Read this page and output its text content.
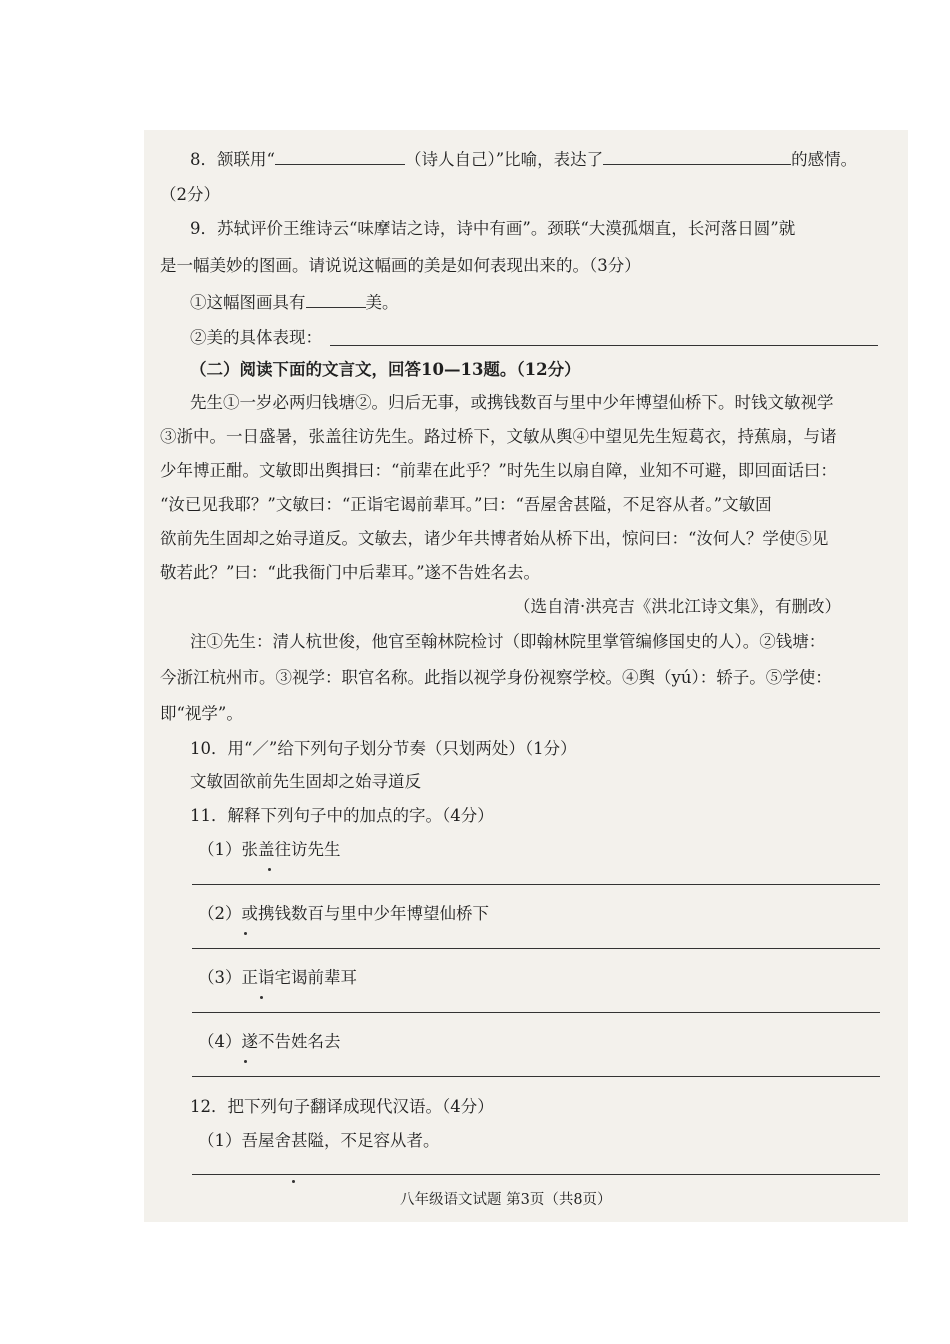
8．颔联用“	（诗人自己）”比喻，表达了	的感情。
（2分）
9．苏轼评价王维诗云“味摩诘之诗，诗中有画”。颈联“大漠孤烟直，长河落日圆”就
是一幅美妙的图画。请说说这幅画的美是如何表现出来的。（3分）
①这幅图画具有	美。
②美的具体表现：
（二）阅读下面的文言文，回答10—13题。（12分）
先生①一岁必两归钱塘②。归后无事，或携钱数百与里中少年博望仙桥下。时钱文敏视学
③浙中。一日盛暑，张盖往访先生。路过桥下，文敏从舆④中望见先生短葛衣，持蕉扇，与诸
少年博正酣。文敏即出舆揖曰：“前辈在此乎？”时先生以扇自障，业知不可避，即回面话曰：
“汝已见我耶？”文敏曰：“正诣宅谒前辈耳。”曰：“吾屋舍甚隘，不足容从者。”文敏固
欲前先生固却之始寻道反。文敏去，诸少年共博者始从桥下出，惊问曰：“汝何人？学使⑤见
敬若此？”曰：“此我衙门中后辈耳。”遂不告姓名去。
（选自清·洪亮吉《洪北江诗文集》，有删改）
注①先生：清人杭世俊，他官至翰林院检讨（即翰林院里掌管编修国史的人）。②钱塘：
今浙江杭州市。③视学：职官名称。此指以视学身份视察学校。④舆（yú）：轿子。⑤学使：
即“视学”。
10．用“／”给下列句子划分节奏（只划两处）（1分）
文敏固欲前先生固却之始寻道反
11．解释下列句子中的加点的字。（4分）
（1）张盖往访先生
（2）或携钱数百与里中少年博望仙桥下
（3）正诣宅谒前辈耳
（4）遂不告姓名去
12．把下列句子翻译成现代汉语。（4分）
（1）吾屋舍甚隘，不足容从者。
八年级语文试题 第3页（共8页）
